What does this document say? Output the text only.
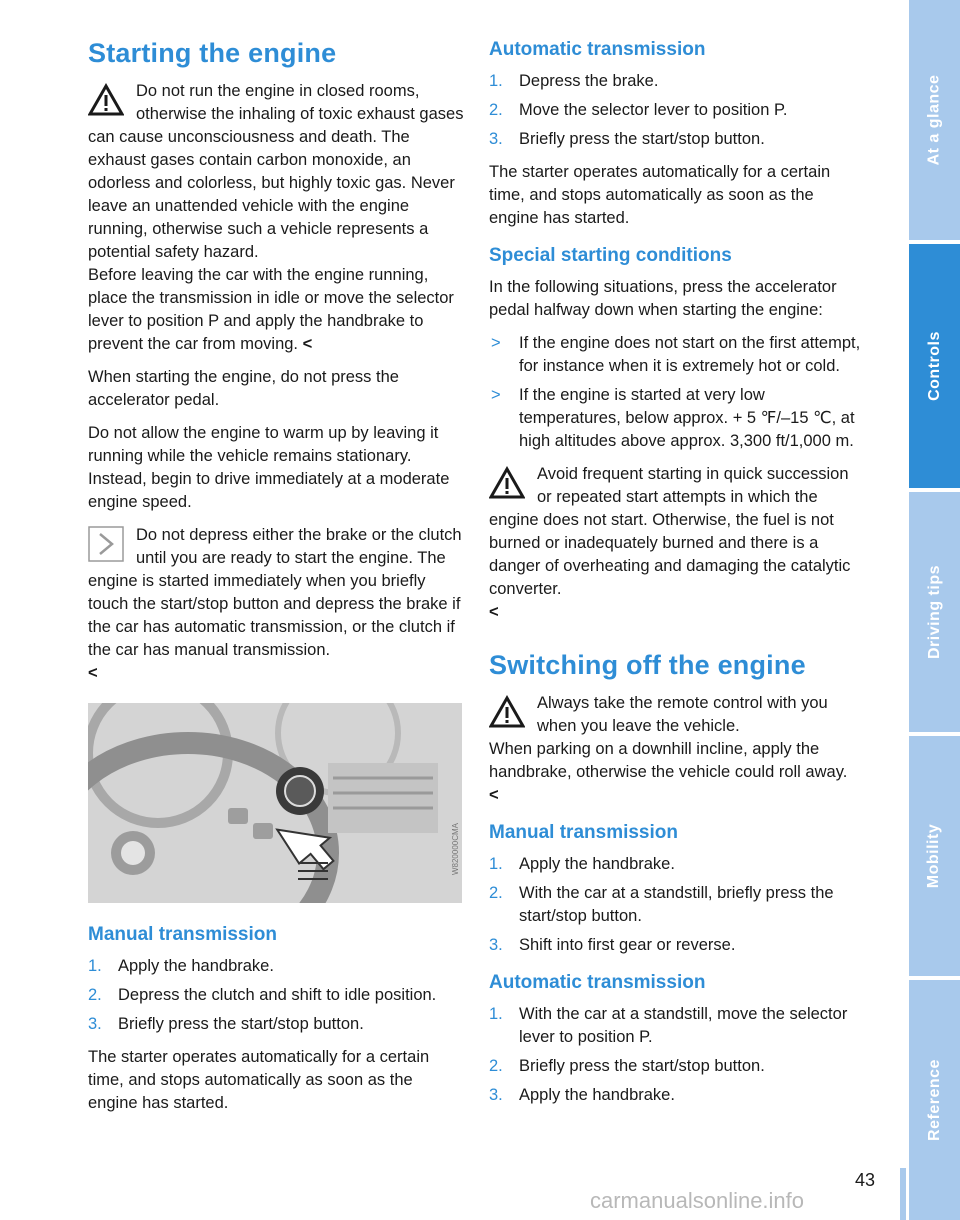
Starting the engine
Do not run the engine in closed rooms, otherwise the inhaling of toxic exhaust gases can cause unconsciousness and death. The exhaust gases contain carbon monoxide, an odorless and colorless, but highly toxic gas. Never leave an unattended vehicle with the engine running, otherwise such a vehicle represents a potential safety hazard.
Before leaving the car with the engine running, place the transmission in idle or move the selector lever to position P and apply the handbrake to prevent the car from moving. <

When starting the engine, do not press the accelerator pedal.

Do not allow the engine to warm up by leaving it running while the vehicle remains stationary. Instead, begin to drive immediately at a moderate engine speed.

Do not depress either the brake or the clutch until you are ready to start the engine. The engine is started immediately when you briefly touch the start/stop button and depress the brake if the car has automatic transmission, or the clutch if the car has manual transmission.
<
W820000CMA
Manual transmission
1. Apply the handbrake.
2. Depress the clutch and shift to idle position.
3. Briefly press the start/stop button.

The starter operates automatically for a certain time, and stops automatically as soon as the engine has started.

Automatic transmission
1. Depress the brake.
2. Move the selector lever to position P.
3. Briefly press the start/stop button.

The starter operates automatically for a certain time, and stops automatically as soon as the engine has started.

Special starting conditions

In the following situations, press the accelerator pedal halfway down when starting the engine:

> If the engine does not start on the first attempt, for instance when it is extremely hot or cold.
> If the engine is started at very low temperatures, below approx. + 5 ℉/–15 ℃, at high altitudes above approx. 3,300 ft/1,000 m.
Avoid frequent starting in quick succession or repeated start attempts in which the engine does not start. Otherwise, the fuel is not burned or inadequately burned and there is a danger of overheating and damaging the catalytic converter.
<
Switching off the engine
Always take the remote control with you when you leave the vehicle.
When parking on a downhill incline, apply the handbrake, otherwise the vehicle could roll away. <
Manual transmission
1. Apply the handbrake.
2. With the car at a standstill, briefly press the start/stop button.
3. Shift into first gear or reverse.
Automatic transmission
1. With the car at a standstill, move the selector lever to position P.
2. Briefly press the start/stop button.
3. Apply the handbrake.
At a glance
Controls
Driving tips
Mobility
Reference
43
carmanualsonline.info
